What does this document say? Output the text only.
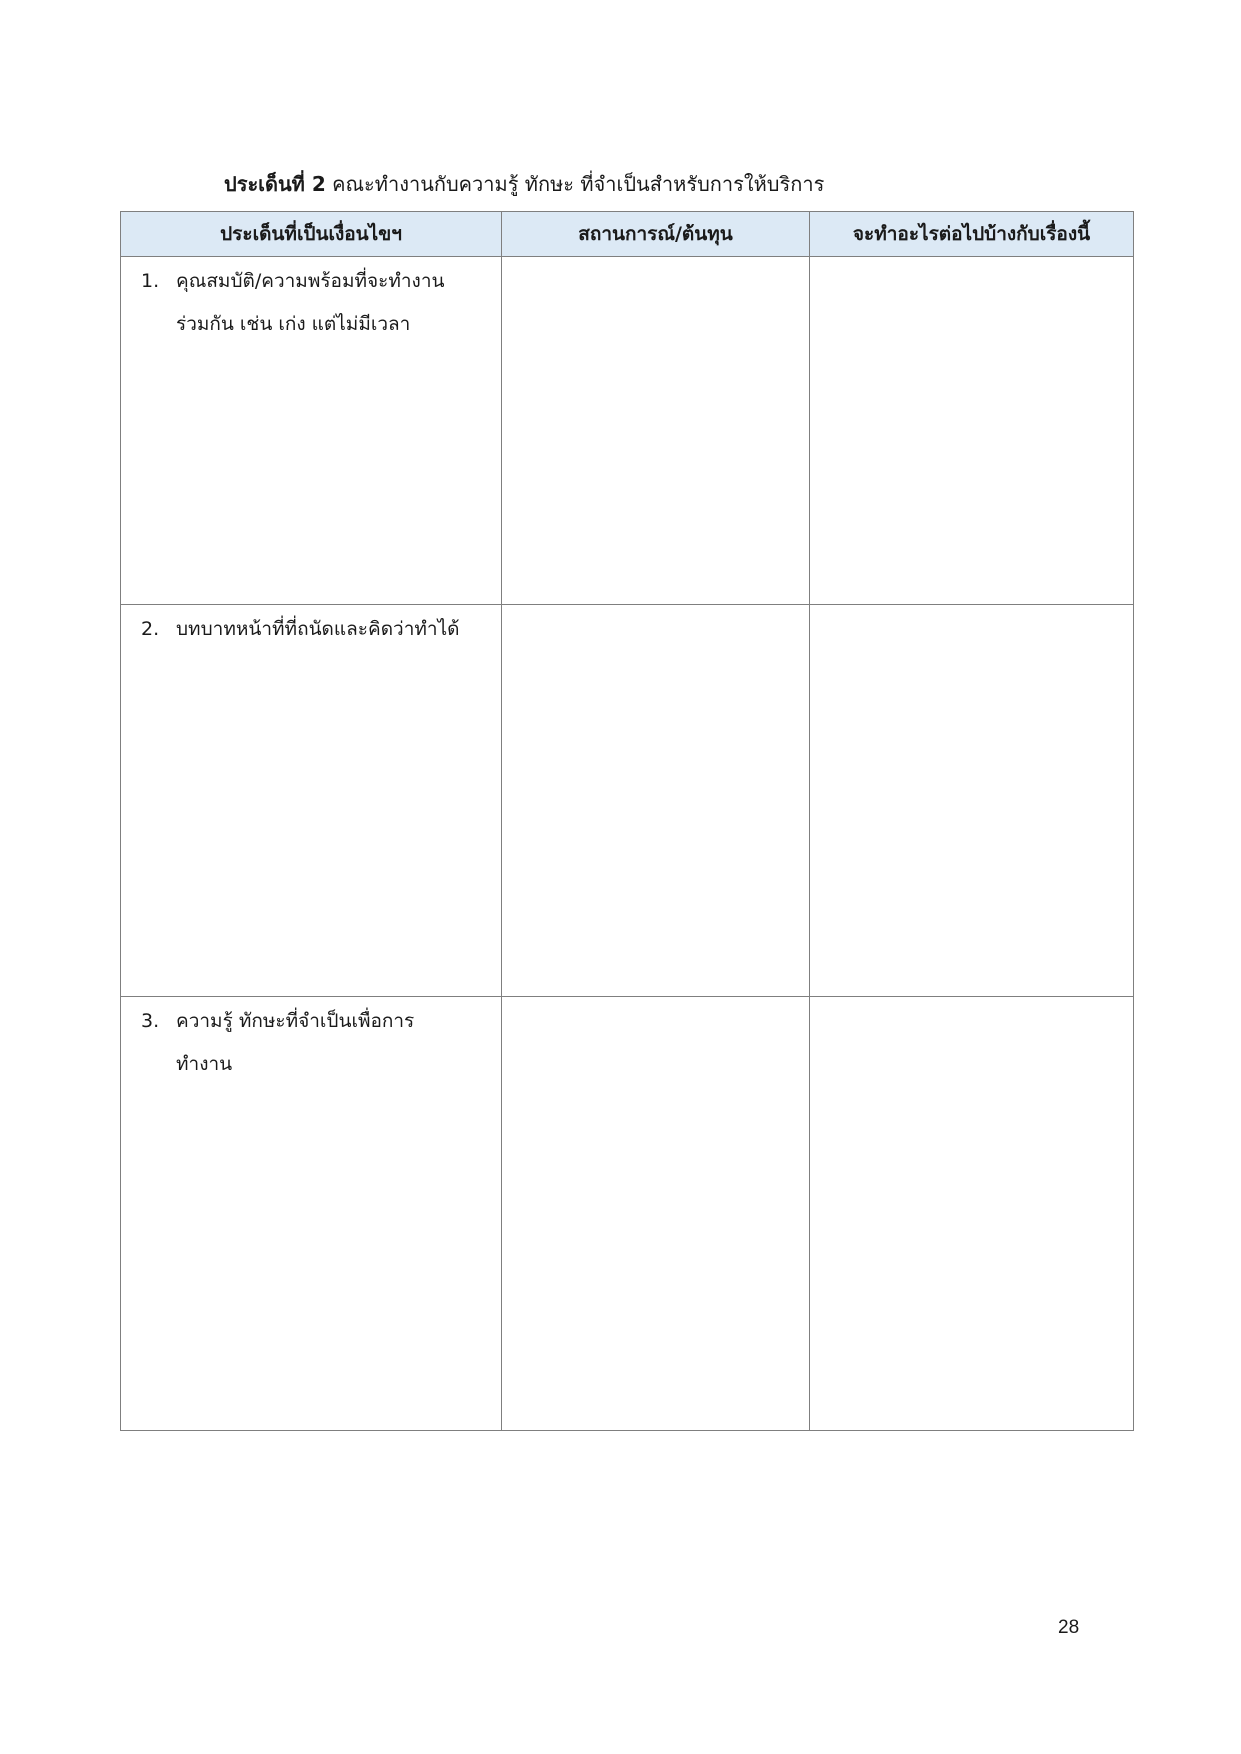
ประเด็นที่ 2 คณะทำงานกับความรู้ ทักษะ ที่จำเป็นสำหรับการให้บริการ
ประเด็นที่เป็นเงื่อนไขฯ	สถานการณ์/ต้นทุน	จะทำอะไรต่อไปบ้างกับเรื่องนี้

1. คุณสมบัติ/ความพร้อมที่จะทำงาน
ร่วมกัน เช่น เก่ง แต่ไม่มีเวลา		

2. บทบาทหน้าที่ที่ถนัดและคิดว่าทำได้		

3. ความรู้ ทักษะที่จำเป็นเพื่อการ
ทำงาน		

28
